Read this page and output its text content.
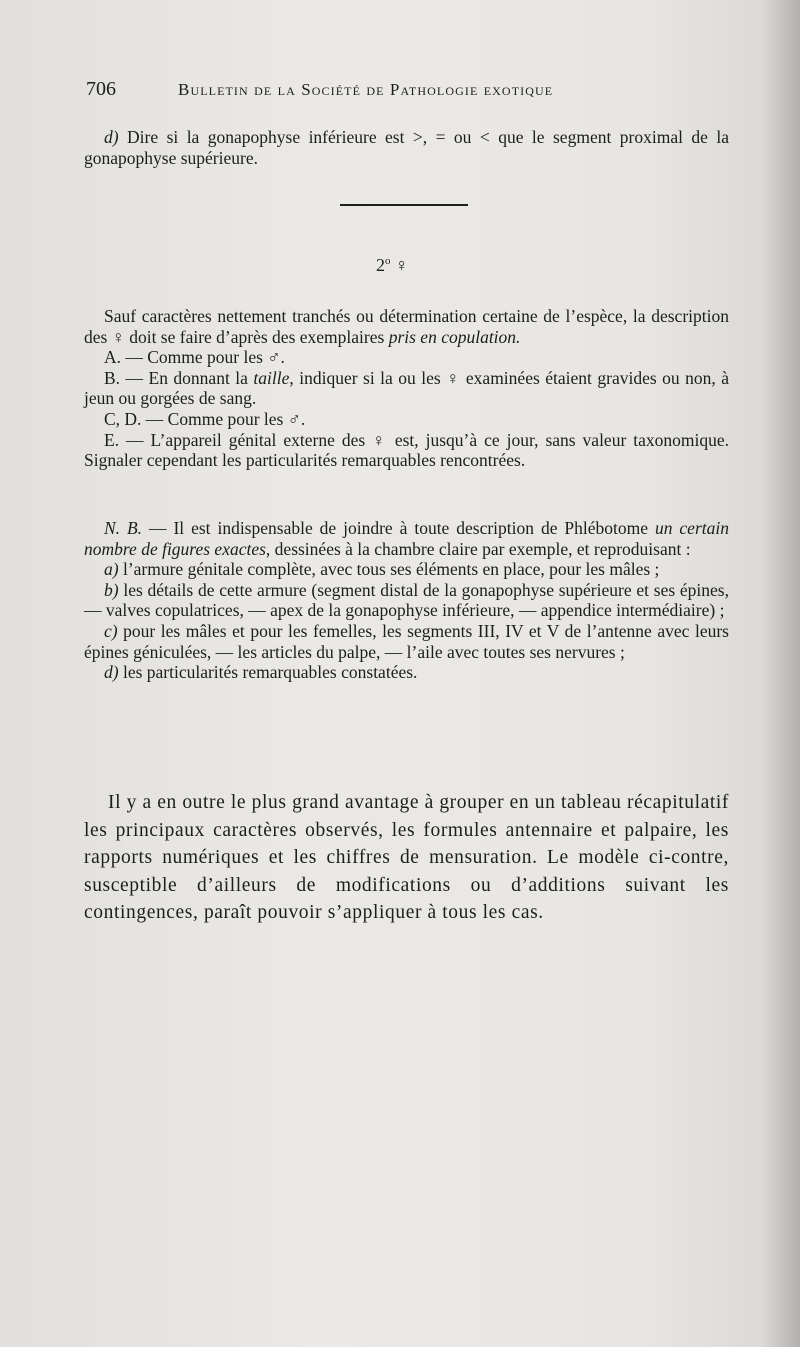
706	Bulletin de la Société de Pathologie exotique

d) Dire si la gonapophyse inférieure est >, = ou < que le segment proximal de la gonapophyse supérieure.

2$^o$ ♀

Sauf caractères nettement tranchés ou détermination certaine de l’espèce, la description des ♀ doit se faire d’après des exemplaires pris en copulation.

A. — Comme pour les ♂.

B. — En donnant la taille, indiquer si la ou les ♀ examinées étaient gravides ou non, à jeun ou gorgées de sang.

C, D. — Comme pour les ♂.

E. — L’appareil génital externe des ♀ est, jusqu’à ce jour, sans valeur taxonomique. Signaler cependant les particularités remarquables rencontrées.

N. B. — Il est indispensable de joindre à toute description de Phlébotome un certain nombre de figures exactes, dessinées à la chambre claire par exemple, et reproduisant :

a) l’armure génitale complète, avec tous ses éléments en place, pour les mâles ;

b) les détails de cette armure (segment distal de la gonapophyse supérieure et ses épines, — valves copulatrices, — apex de la gonapophyse inférieure, — appendice intermédiaire) ;

c) pour les mâles et pour les femelles, les segments III, IV et V de l’antenne avec leurs épines géniculées, — les articles du palpe, — l’aile avec toutes ses nervures ;

d) les particularités remarquables constatées.

Il y a en outre le plus grand avantage à grouper en un tableau récapitulatif les principaux caractères observés, les formules antennaire et palpaire, les rapports numériques et les chiffres de mensuration. Le modèle ci-contre, susceptible d’ailleurs de modifications ou d’additions suivant les contingences, paraît pouvoir s’appliquer à tous les cas.
